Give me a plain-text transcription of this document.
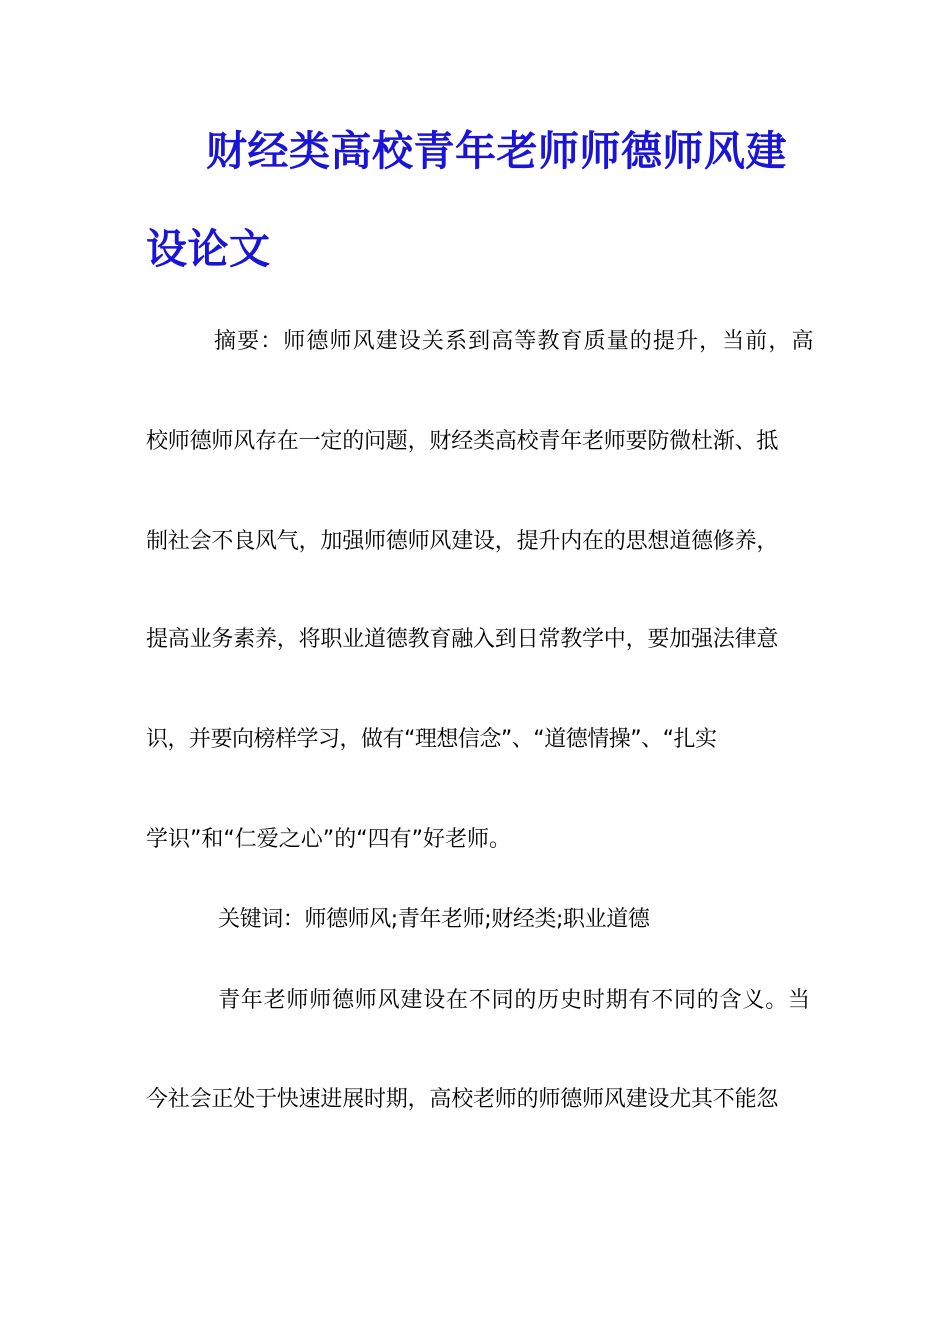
财经类高校青年老师师德师风建
设论文
摘要：师德师风建设关系到高等教育质量的提升，当前，高
校师德师风存在一定的问题，财经类高校青年老师要防微杜渐、抵
制社会不良风气，加强师德师风建设，提升内在的思想道德修养，
提高业务素养，将职业道德教育融入到日常教学中，要加强法律意
识，并要向榜样学习，做有“理想信念”、“道德情操”、“扎实
学识”和“仁爱之心”的“四有”好老师。
关键词：师德师风;青年老师;财经类;职业道德
青年老师师德师风建设在不同的历史时期有不同的含义。当
今社会正处于快速进展时期，高校老师的师德师风建设尤其不能忽
